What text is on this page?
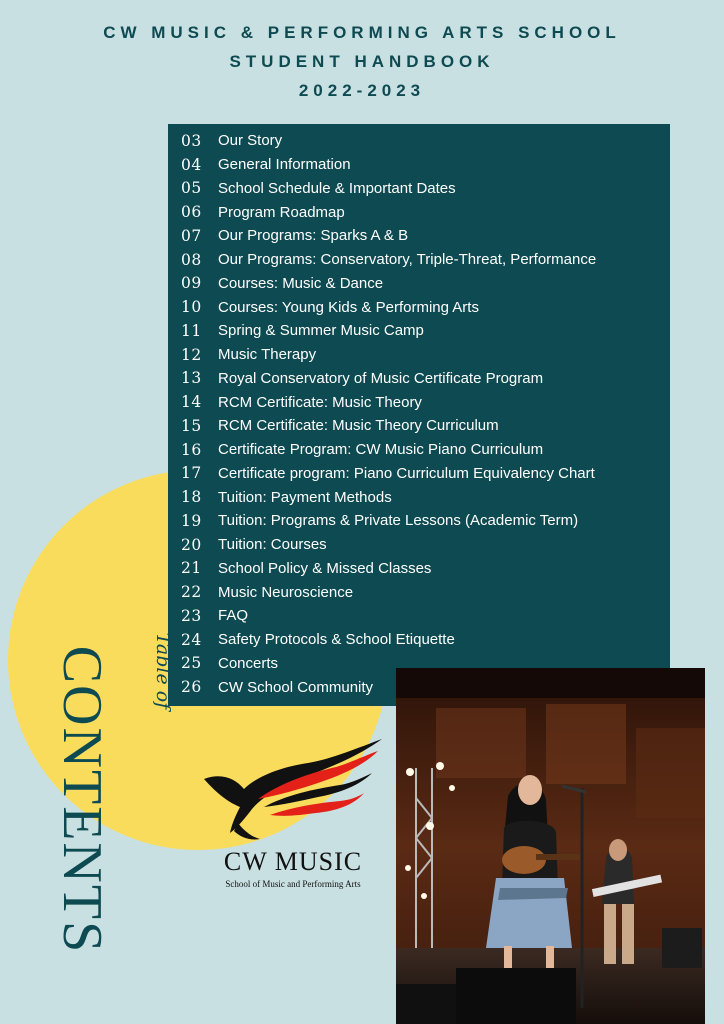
CW MUSIC & PERFORMING ARTS SCHOOL
STUDENT HANDBOOK
2022-2023
03	Our Story
04	General Information
05	School Schedule & Important Dates
06	Program Roadmap
07	Our Programs: Sparks A & B
08	Our Programs: Conservatory, Triple-Threat, Performance
09	Courses: Music & Dance
10	Courses: Young Kids & Performing Arts
11	Spring & Summer Music Camp
12	Music Therapy
13	Royal Conservatory of Music Certificate Program
14	RCM Certificate: Music Theory
15	RCM Certificate: Music Theory Curriculum
16	Certificate Program: CW Music Piano Curriculum
17	Certificate program: Piano Curriculum Equivalency Chart
18	Tuition: Payment Methods
19	Tuition: Programs & Private Lessons (Academic Term)
20	Tuition: Courses
21	School Policy & Missed Classes
22	Music Neuroscience
23	FAQ
24	Safety Protocols & School Etiquette
25	Concerts
26	CW School Community
Table of
CONTENTS	CW MUSIC
School of Music and Performing Arts
